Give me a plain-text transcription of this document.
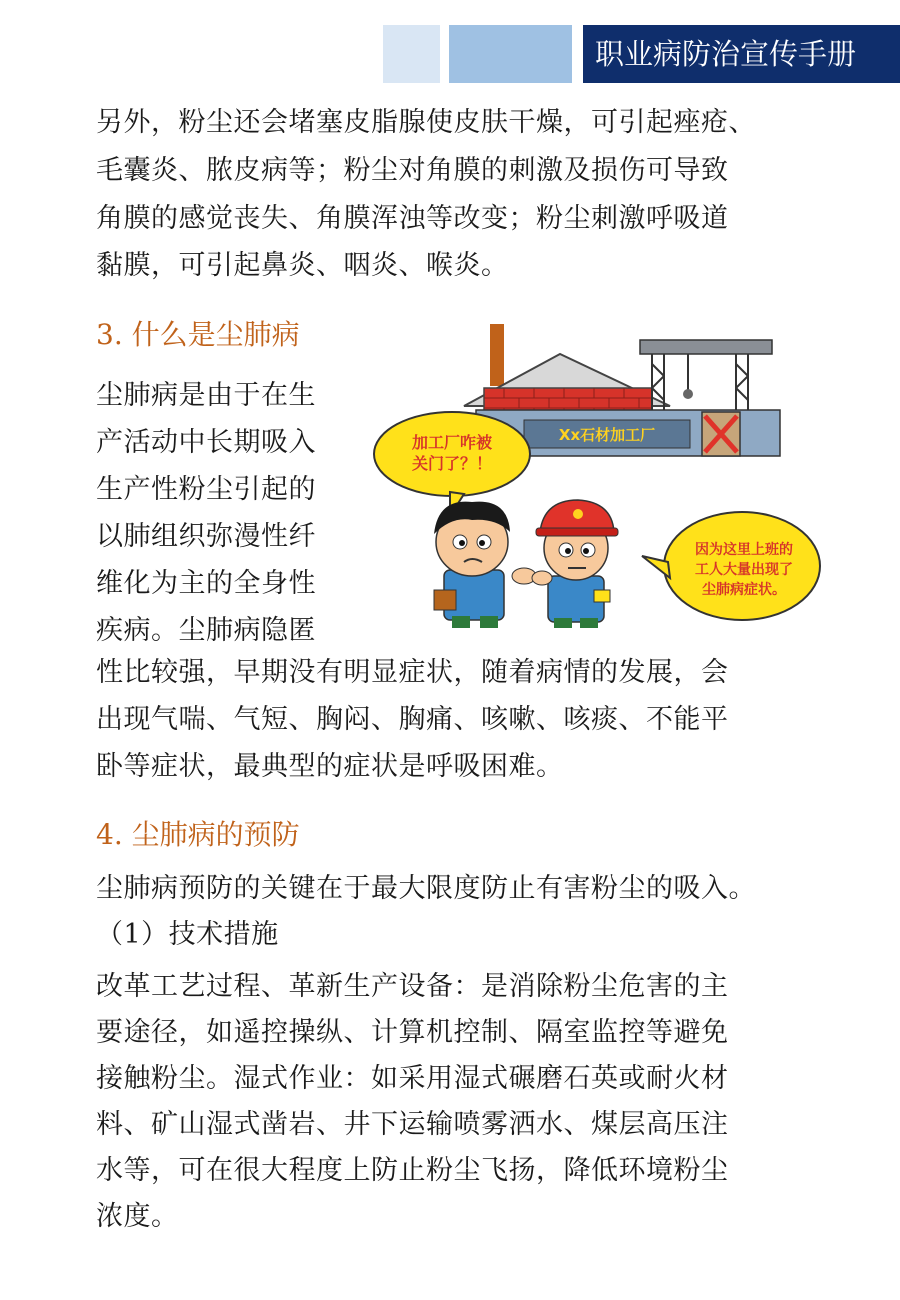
职业病防治宣传手册
另外，粉尘还会堵塞皮脂腺使皮肤干燥，可引起痤疮、
毛囊炎、脓皮病等；粉尘对角膜的刺激及损伤可导致
角膜的感觉丧失、角膜浑浊等改变；粉尘刺激呼吸道
黏膜，可引起鼻炎、咽炎、喉炎。
3. 什么是尘肺病
尘肺病是由于在生
产活动中长期吸入
生产性粉尘引起的
以肺组织弥漫性纤
维化为主的全身性
疾病。尘肺病隐匿
性比较强，早期没有明显症状，随着病情的发展，会
出现气喘、气短、胸闷、胸痛、咳嗽、咳痰、不能平
卧等症状，最典型的症状是呼吸困难。
Xx石材加工厂
加工厂咋被
关门了？！
因为这里上班的
工人大量出现了
尘肺病症状。
4. 尘肺病的预防
尘肺病预防的关键在于最大限度防止有害粉尘的吸入。
（1）技术措施
改革工艺过程、革新生产设备：是消除粉尘危害的主
要途径，如遥控操纵、计算机控制、隔室监控等避免
接触粉尘。湿式作业：如采用湿式碾磨石英或耐火材
料、矿山湿式凿岩、井下运输喷雾洒水、煤层高压注
水等，可在很大程度上防止粉尘飞扬，降低环境粉尘
浓度。
